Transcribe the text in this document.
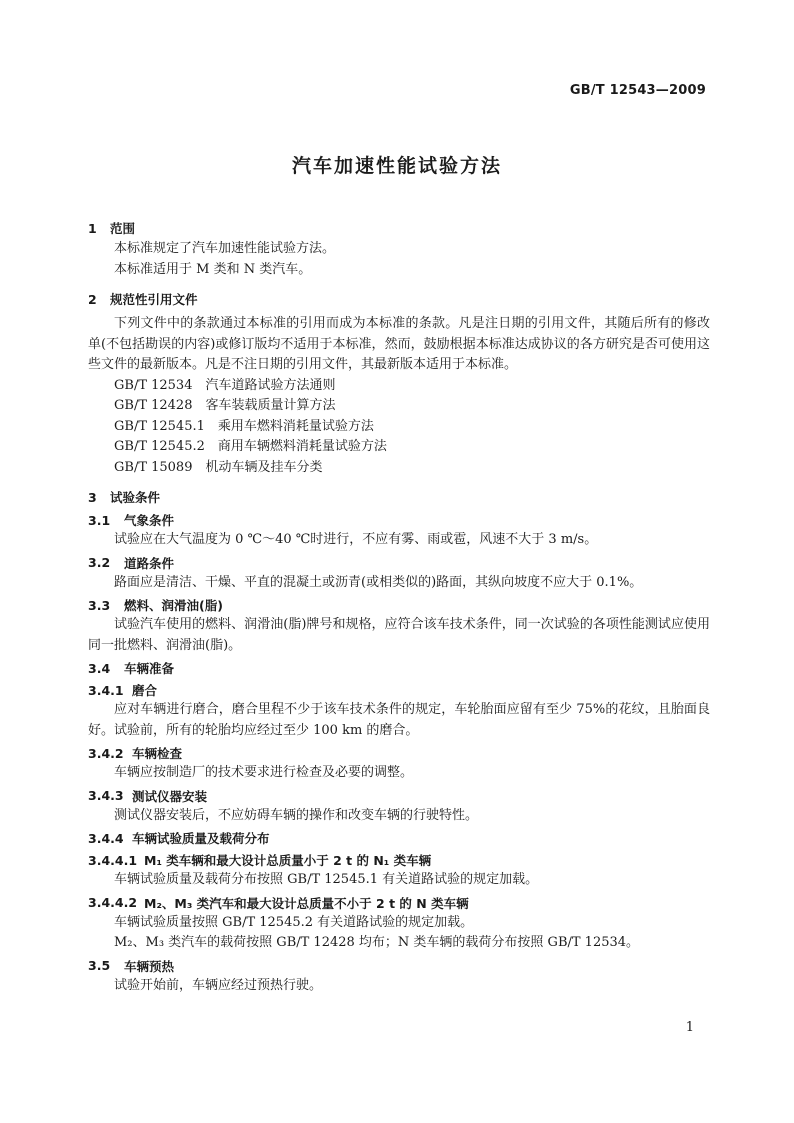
GB/T 12543—2009
汽车加速性能试验方法
1	范围

本标准规定了汽车加速性能试验方法。

本标准适用于 M 类和 N 类汽车。

2	规范性引用文件

下列文件中的条款通过本标准的引用而成为本标准的条款。凡是注日期的引用文件，其随后所有的修改单(不包括勘误的内容)或修订版均不适用于本标准，然而，鼓励根据本标准达成协议的各方研究是否可使用这些文件的最新版本。凡是不注日期的引用文件，其最新版本适用于本标准。

GB/T 12534　汽车道路试验方法通则

GB/T 12428　客车装载质量计算方法

GB/T 12545.1　乘用车燃料消耗量试验方法

GB/T 12545.2　商用车辆燃料消耗量试验方法

GB/T 15089　机动车辆及挂车分类

3	试验条件
3.1	气象条件

试验应在大气温度为 0 ℃～40 ℃时进行，不应有雾、雨或雹，风速不大于 3 m/s。

3.2	道路条件

路面应是清洁、干燥、平直的混凝土或沥青(或相类似的)路面，其纵向坡度不应大于 0.1%。

3.3	燃料、润滑油(脂)

试验汽车使用的燃料、润滑油(脂)牌号和规格，应符合该车技术条件，同一次试验的各项性能测试应使用同一批燃料、润滑油(脂)。

3.4	车辆准备
3.4.1 磨合

应对车辆进行磨合，磨合里程不少于该车技术条件的规定，车轮胎面应留有至少 75%的花纹，且胎面良好。试验前，所有的轮胎均应经过至少 100 km 的磨合。

3.4.2 车辆检查

车辆应按制造厂的技术要求进行检查及必要的调整。

3.4.3 测试仪器安装

测试仪器安装后，不应妨碍车辆的操作和改变车辆的行驶特性。

3.4.4 车辆试验质量及载荷分布
3.4.4.1 M₁ 类车辆和最大设计总质量小于 2 t 的 N₁ 类车辆

车辆试验质量及载荷分布按照 GB/T 12545.1 有关道路试验的规定加载。

3.4.4.2 M₂、M₃ 类汽车和最大设计总质量不小于 2 t 的 N 类车辆

车辆试验质量按照 GB/T 12545.2 有关道路试验的规定加载。

M₂、M₃ 类汽车的载荷按照 GB/T 12428 均布；N 类车辆的载荷分布按照 GB/T 12534。

3.5	车辆预热

试验开始前，车辆应经过预热行驶。

1
